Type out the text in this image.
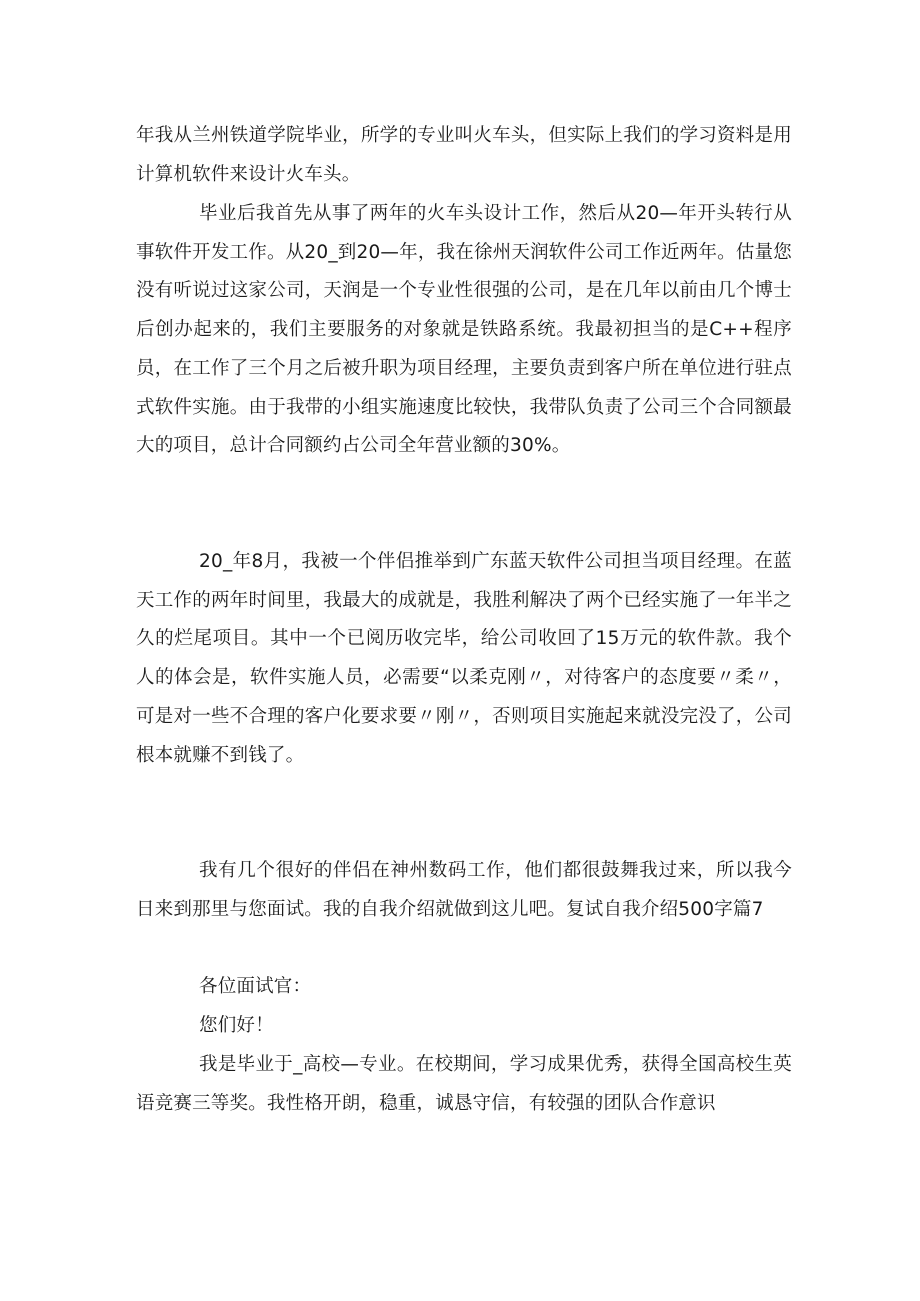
年我从兰州铁道学院毕业，所学的专业叫火车头，但实际上我们的学习资料是用计算机软件来设计火车头。

毕业后我首先从事了两年的火车头设计工作，然后从20—年开头转行从事软件开发工作。从20_到20—年，我在徐州天润软件公司工作近两年。估量您没有听说过这家公司，天润是一个专业性很强的公司，是在几年以前由几个博士后创办起来的，我们主要服务的对象就是铁路系统。我最初担当的是C++程序员，在工作了三个月之后被升职为项目经理，主要负责到客户所在单位进行驻点式软件实施。由于我带的小组实施速度比较快，我带队负责了公司三个合同额最大的项目，总计合同额约占公司全年营业额的30%。

20_年8月，我被一个伴侣推举到广东蓝天软件公司担当项目经理。在蓝天工作的两年时间里，我最大的成就是，我胜利解决了两个已经实施了一年半之久的烂尾项目。其中一个已阅历收完毕，给公司收回了15万元的软件款。我个人的体会是，软件实施人员，必需要“以柔克刚〃，对待客户的态度要〃柔〃，可是对一些不合理的客户化要求要〃刚〃，否则项目实施起来就没完没了，公司根本就赚不到钱了。

我有几个很好的伴侣在神州数码工作，他们都很鼓舞我过来，所以我今日来到那里与您面试。我的自我介绍就做到这儿吧。复试自我介绍500字篇7

各位面试官：

您们好！

我是毕业于_高校—专业。在校期间，学习成果优秀，获得全国高校生英语竞赛三等奖。我性格开朗，稳重，诚恳守信，有较强的团队合作意识
